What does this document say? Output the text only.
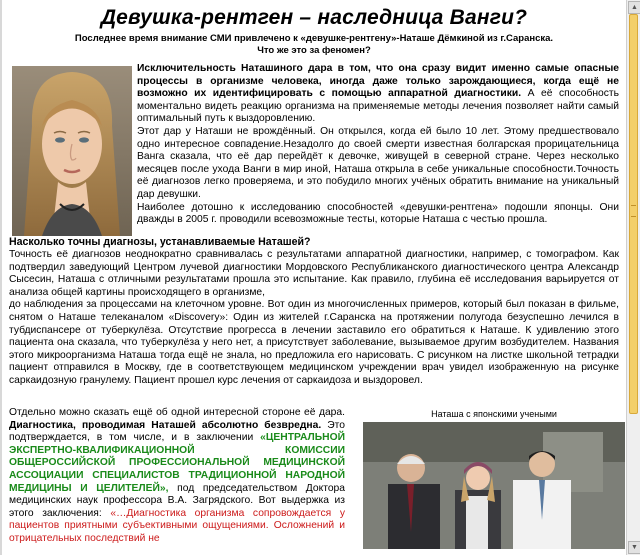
Девушка-рентген – наследница Ванги?
Последнее время внимание СМИ привлечено к «девушке-рентгену»-Наташе Дёмкиной из г.Саранска.
Что же это за феномен?

Исключительность Наташиного дара в том, что она сразу видит именно самые опасные процессы в организме человека, иногда даже только зарождающиеся, когда ещё не возможно их идентифицировать с помощью аппаратной диагностики. А её способность моментально видеть реакцию организма на применяемые методы лечения позволяет найти самый оптимальный путь к выздоровлению.

Этот дар у Наташи не врождённый. Он открылся, когда ей было 10 лет. Этому предшествовало одно интересное совпадение.Незадолго до своей смерти известная болгарская прорицательница Ванга сказала, что её дар перейдёт к девочке, живущей в северной стране. Через несколько месяцев после ухода Ванги в мир иной, Наташа открыла в себе уникальные способности.Точность её диагнозов легко проверяема, и это побудило многих учёных обратить внимание на уникальный дар девушки.

Наиболее дотошно к исследованию способностей «девушки-рентгена» подошли японцы. Они дважды в 2005 г. проводили всевозможные тесты, которые Наташа с честью прошла.

Насколько точны диагнозы, устанавливаемые Наташей?

Точность её диагнозов неоднократно сравнивалась с результатами аппаратной диагностики, например, с томографом. Как подтвердил заведующий Центром лучевой диагностики Мордовского Республиканского диагностического центра Александр Сысесин, Наташа с отличными результатами прошла это испытание. Как правило, глубина её исследования варьируется от анализа общей картины происходящего в организме,

до наблюдения за процессами на клеточном уровне. Вот один из многочисленных примеров, который был показан в фильме, снятом о Наташе телеканалом «Discovery»: Один из жителей г.Саранска на протяжении полугода безуспешно лечился в тубдиспансере от туберкулёза. Отсутствие прогресса в лечении заставило его обратиться к Наташе. К удивлению этого пациента она сказала, что туберкулёза у него нет, а присутствует заболевание, вызываемое другим возбудителем. Названия этого микроорганизма Наташа тогда ещё не знала, но предложила его нарисовать. С рисунком на листке школьной тетрадки пациент отправился в Москву, где в соответствующем медицинском учреждении врач увидел изображенную на рисунке саркаидозную гранулему. Пациент прошел курс лечения от саркаидоза и выздоровел.

Отдельно можно сказать ещё об одной интересной стороне её дара. Диагностика, проводимая Наташей абсолютно безвредна. Это подтверждается, в том числе, и в заключении «ЦЕНТРАЛЬНОЙ ЭКСПЕРТНО-КВАЛИФИКАЦИОННОЙ КОМИССИИ ОБЩЕРОССИЙСКОЙ ПРОФЕССИОНАЛЬНОЙ МЕДИЦИНСКОЙ АССОЦИАЦИИ СПЕЦИАЛИСТОВ ТРАДИЦИОННОЙ НАРОДНОЙ МЕДИЦИНЫ И ЦЕЛИТЕЛЕЙ», под председательством Доктора медицинских наук профессора В.А. Загрядского. Вот выдержка из этого заключения: «…Диагностика организма сопровождается у пациентов приятными субъективными ощущениями. Осложнений и отрицательных последствий не

Наташа с японскими учеными
▲
▼
